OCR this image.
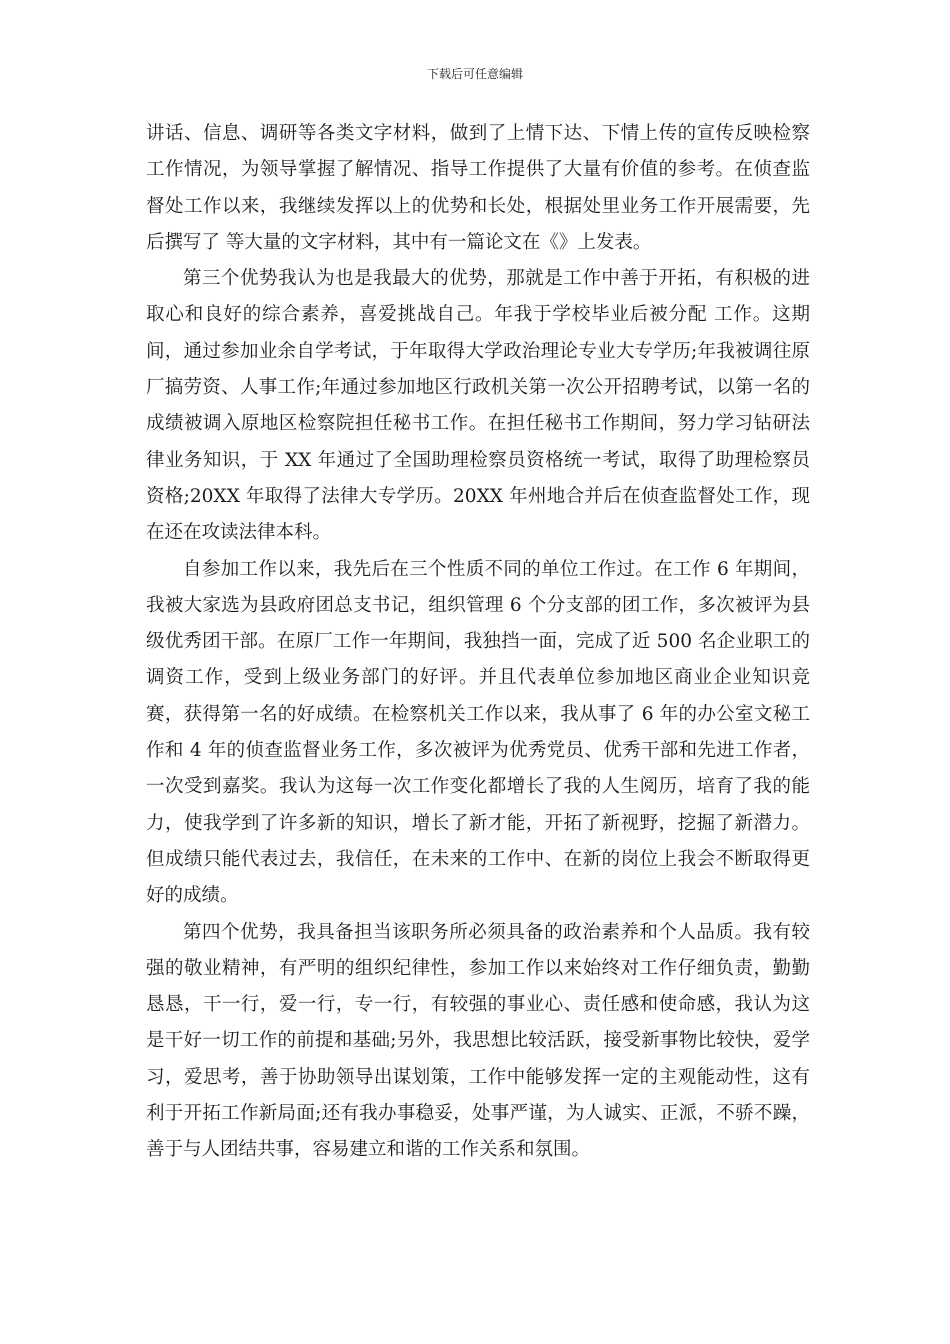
下载后可任意编辑

讲话、信息、调研等各类文字材料，做到了上情下达、下情上传的宣传反映检察工作情况，为领导掌握了解情况、指导工作提供了大量有价值的参考。在侦查监督处工作以来，我继续发挥以上的优势和长处，根据处里业务工作开展需要，先后撰写了 等大量的文字材料，其中有一篇论文在《》上发表。

第三个优势我认为也是我最大的优势，那就是工作中善于开拓，有积极的进取心和良好的综合素养，喜爱挑战自己。年我于学校毕业后被分配 工作。这期间，通过参加业余自学考试，于年取得大学政治理论专业大专学历;年我被调往原厂搞劳资、人事工作;年通过参加地区行政机关第一次公开招聘考试，以第一名的成绩被调入原地区检察院担任秘书工作。在担任秘书工作期间，努力学习钻研法律业务知识，于 XX 年通过了全国助理检察员资格统一考试，取得了助理检察员资格;20XX 年取得了法律大专学历。20XX 年州地合并后在侦查监督处工作，现在还在攻读法律本科。

自参加工作以来，我先后在三个性质不同的单位工作过。在工作 6 年期间，我被大家选为县政府团总支书记，组织管理 6 个分支部的团工作，多次被评为县级优秀团干部。在原厂工作一年期间，我独挡一面，完成了近 500 名企业职工的调资工作，受到上级业务部门的好评。并且代表单位参加地区商业企业知识竞赛，获得第一名的好成绩。在检察机关工作以来，我从事了 6 年的办公室文秘工作和 4 年的侦查监督业务工作，多次被评为优秀党员、优秀干部和先进工作者，一次受到嘉奖。我认为这每一次工作变化都增长了我的人生阅历，培育了我的能力，使我学到了许多新的知识，增长了新才能，开拓了新视野，挖掘了新潜力。但成绩只能代表过去，我信任，在未来的工作中、在新的岗位上我会不断取得更好的成绩。

第四个优势，我具备担当该职务所必须具备的政治素养和个人品质。我有较强的敬业精神，有严明的组织纪律性，参加工作以来始终对工作仔细负责，勤勤恳恳，干一行，爱一行，专一行，有较强的事业心、责任感和使命感，我认为这是干好一切工作的前提和基础;另外，我思想比较活跃，接受新事物比较快，爱学习，爱思考，善于协助领导出谋划策，工作中能够发挥一定的主观能动性，这有利于开拓工作新局面;还有我办事稳妥，处事严谨，为人诚实、正派，不骄不躁，善于与人团结共事，容易建立和谐的工作关系和氛围。
